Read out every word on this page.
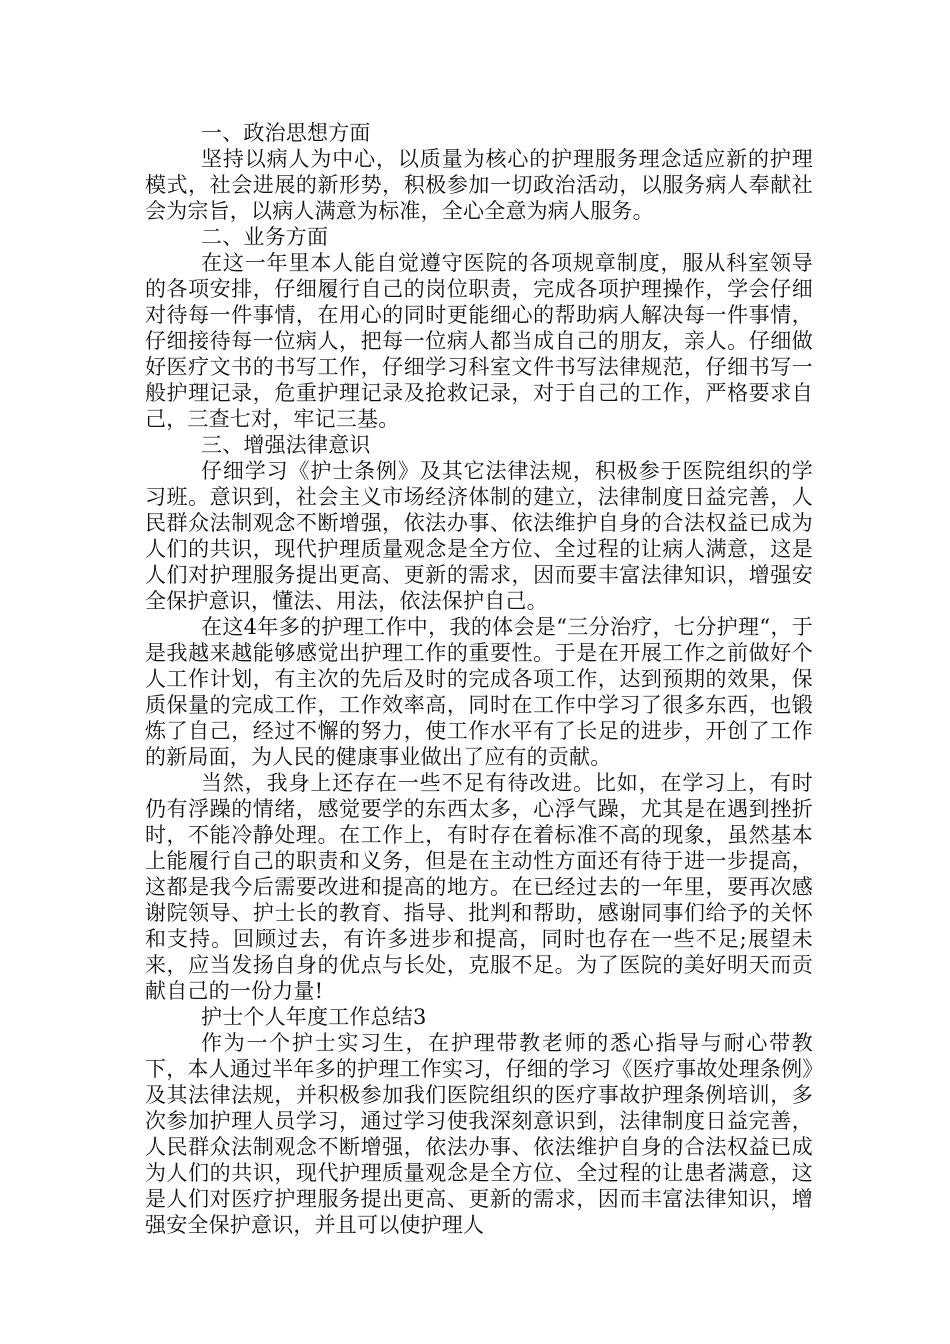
一、政治思想方面

坚持以病人为中心，以质量为核心的护理服务理念适应新的护理模式，社会进展的新形势，积极参加一切政治活动，以服务病人奉献社会为宗旨，以病人满意为标准，全心全意为病人服务。

二、业务方面

在这一年里本人能自觉遵守医院的各项规章制度，服从科室领导的各项安排，仔细履行自己的岗位职责，完成各项护理操作，学会仔细对待每一件事情，在用心的同时更能细心的帮助病人解决每一件事情，仔细接待每一位病人，把每一位病人都当成自己的朋友，亲人。仔细做好医疗文书的书写工作，仔细学习科室文件书写法律规范，仔细书写一般护理记录，危重护理记录及抢救记录，对于自己的工作，严格要求自己，三查七对，牢记三基。

三、增强法律意识

仔细学习《护士条例》及其它法律法规，积极参于医院组织的学习班。意识到，社会主义市场经济体制的建立，法律制度日益完善，人民群众法制观念不断增强，依法办事、依法维护自身的合法权益已成为人们的共识，现代护理质量观念是全方位、全过程的让病人满意，这是人们对护理服务提出更高、更新的需求，因而要丰富法律知识，增强安全保护意识，懂法、用法，依法保护自己。

在这4年多的护理工作中，我的体会是“三分治疗，七分护理“，于是我越来越能够感觉出护理工作的重要性。于是在开展工作之前做好个人工作计划，有主次的先后及时的完成各项工作，达到预期的效果，保质保量的完成工作，工作效率高，同时在工作中学习了很多东西，也锻炼了自己，经过不懈的努力，使工作水平有了长足的进步，开创了工作的新局面，为人民的健康事业做出了应有的贡献。

当然，我身上还存在一些不足有待改进。比如，在学习上，有时仍有浮躁的情绪，感觉要学的东西太多，心浮气躁，尤其是在遇到挫折时，不能冷静处理。在工作上，有时存在着标准不高的现象，虽然基本上能履行自己的职责和义务，但是在主动性方面还有待于进一步提高，这都是我今后需要改进和提高的地方。在已经过去的一年里，要再次感谢院领导、护士长的教育、指导、批判和帮助，感谢同事们给予的关怀和支持。回顾过去，有许多进步和提高，同时也存在一些不足;展望未来，应当发扬自身的优点与长处，克服不足。为了医院的美好明天而贡献自己的一份力量!

护士个人年度工作总结3

作为一个护士实习生，在护理带教老师的悉心指导与耐心带教下，本人通过半年多的护理工作实习，仔细的学习《医疗事故处理条例》及其法律法规，并积极参加我们医院组织的医疗事故护理条例培训，多次参加护理人员学习，通过学习使我深刻意识到，法律制度日益完善，人民群众法制观念不断增强，依法办事、依法维护自身的合法权益已成为人们的共识，现代护理质量观念是全方位、全过程的让患者满意，这是人们对医疗护理服务提出更高、更新的需求，因而丰富法律知识，增强安全保护意识，并且可以使护理人
